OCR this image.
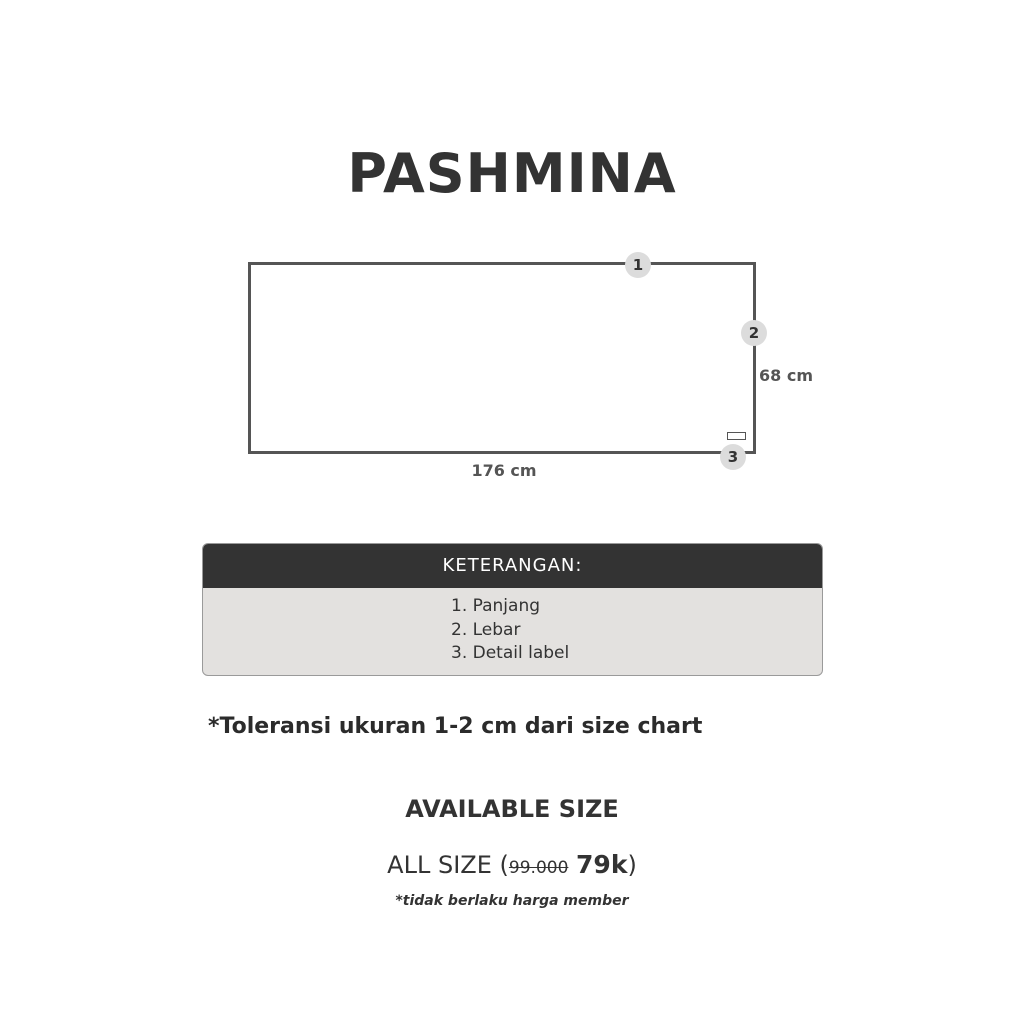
PASHMINA
1
2
3
176 cm
68 cm
KETERANGAN:
1. Panjang
2. Lebar
3. Detail label
*Toleransi ukuran 1-2 cm dari size chart
AVAILABLE SIZE
ALL SIZE (99.000 79k)
*tidak berlaku harga member
